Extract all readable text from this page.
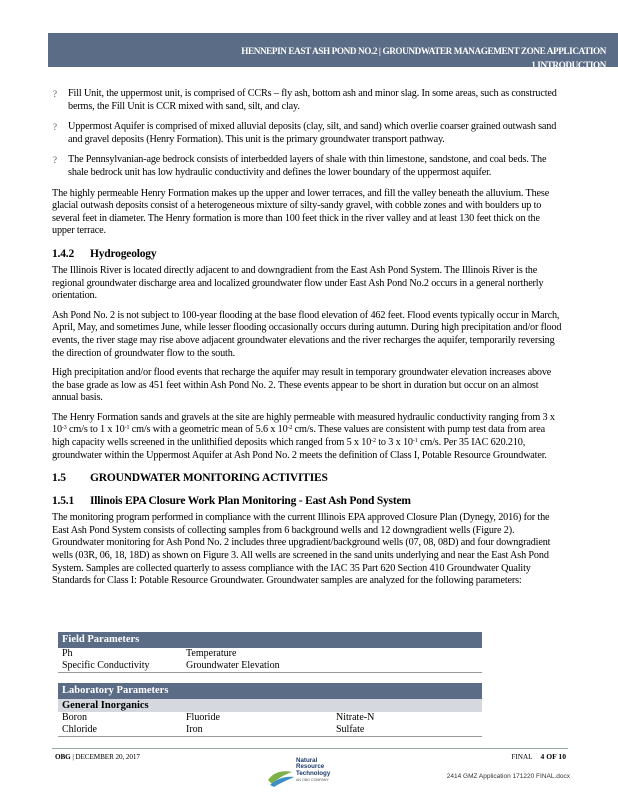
HENNEPIN EAST ASH POND NO.2 | GROUNDWATER MANAGEMENT ZONE APPLICATION
1 INTRODUCTION
? Fill Unit, the uppermost unit, is comprised of CCRs – fly ash, bottom ash and minor slag. In some areas, such as constructed berms, the Fill Unit is CCR mixed with sand, silt, and clay.
? Uppermost Aquifer is comprised of mixed alluvial deposits (clay, silt, and sand) which overlie coarser grained outwash sand and gravel deposits (Henry Formation). This unit is the primary groundwater transport pathway.
? The Pennsylvanian-age bedrock consists of interbedded layers of shale with thin limestone, sandstone, and coal beds. The shale bedrock unit has low hydraulic conductivity and defines the lower boundary of the uppermost aquifer.

The highly permeable Henry Formation makes up the upper and lower terraces, and fill the valley beneath the alluvium. These glacial outwash deposits consist of a heterogeneous mixture of silty-sandy gravel, with cobble zones and with boulders up to several feet in diameter. The Henry formation is more than 100 feet thick in the river valley and at least 130 feet thick on the upper terrace.

1.4.2 Hydrogeology

The Illinois River is located directly adjacent to and downgradient from the East Ash Pond System. The Illinois River is the regional groundwater discharge area and localized groundwater flow under East Ash Pond No.2 occurs in a general northerly orientation.

Ash Pond No. 2 is not subject to 100-year flooding at the base flood elevation of 462 feet. Flood events typically occur in March, April, May, and sometimes June, while lesser flooding occasionally occurs during autumn. During high precipitation and/or flood events, the river stage may rise above adjacent groundwater elevations and the river recharges the aquifer, temporarily reversing the direction of groundwater flow to the south.

High precipitation and/or flood events that recharge the aquifer may result in temporary groundwater elevation increases above the base grade as low as 451 feet within Ash Pond No. 2. These events appear to be short in duration but occur on an almost annual basis.

The Henry Formation sands and gravels at the site are highly permeable with measured hydraulic conductivity ranging from 3 x $10^{-3}$ cm/s to 1 x $10^{-1}$ cm/s with a geometric mean of 5.6 x $10^{-2}$ cm/s. These values are consistent with pump test data from area high capacity wells screened in the unlithified deposits which ranged from 5 x $10^{-2}$ to 3 x $10^{-1}$ cm/s. Per 35 IAC 620.210, groundwater within the Uppermost Aquifer at Ash Pond No. 2 meets the definition of Class I, Potable Resource Groundwater.

1.5 GROUNDWATER MONITORING ACTIVITIES
1.5.1 Illinois EPA Closure Work Plan Monitoring - East Ash Pond System

The monitoring program performed in compliance with the current Illinois EPA approved Closure Plan (Dynegy, 2016) for the East Ash Pond System consists of collecting samples from 6 background wells and 12 downgradient wells (Figure 2). Groundwater monitoring for Ash Pond No. 2 includes three upgradient/background wells (07, 08, 08D) and four downgradient wells (03R, 06, 18, 18D) as shown on Figure 3. All wells are screened in the sand units underlying and near the East Ash Pond System. Samples are collected quarterly to assess compliance with the IAC 35 Part 620 Section 410 Groundwater Quality Standards for Class I: Potable Resource Groundwater. Groundwater samples are analyzed for the following parameters:

Field Parameters
Ph	Temperature
Specific Conductivity	Groundwater Elevation
Laboratory Parameters
General Inorganics
Boron	Fluoride	Nitrate-N
Chloride	Iron	Sulfate
OBG | DECEMBER 20, 2017	Natural
Resource
Technology
AN OBG COMPANY
FINAL 4 OF 10
2414 GMZ Application 171220 FINAL.docx
